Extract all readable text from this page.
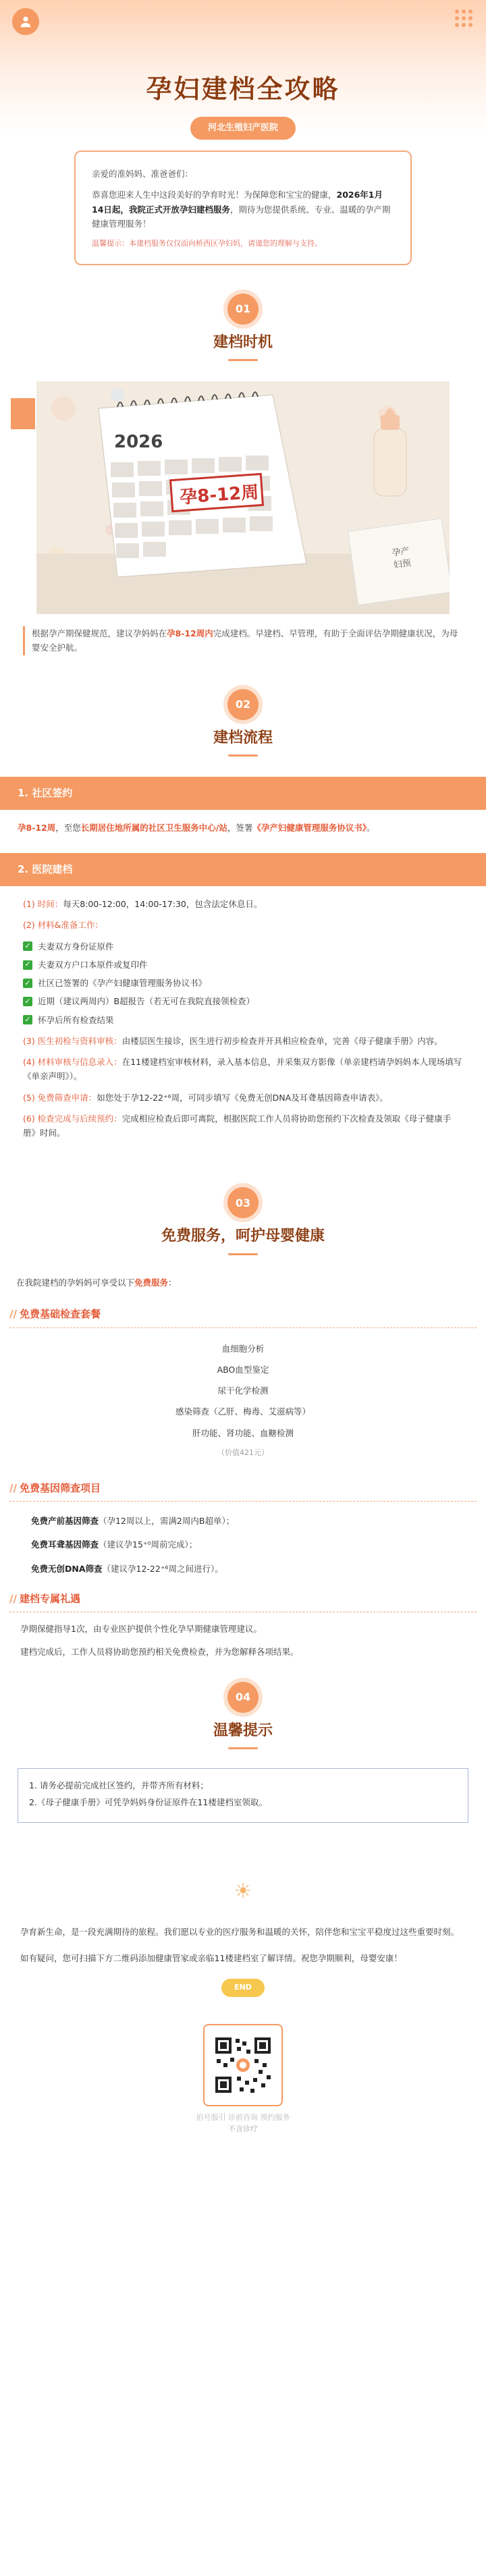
孕妇建档全攻略
河北生殖妇产医院

亲爱的准妈妈、准爸爸们：

恭喜您迎来人生中这段美好的孕育时光！为保障您和宝宝的健康，2026年1月14日起，我院正式开放孕妇建档服务，期待为您提供系统、专业、温暖的孕产期健康管理服务！

温馨提示：本建档服务仅仅面向桥西区孕妇妈，请谨您的理解与支持。
01
建档时机
孕产
妇预
2026
孕8-12周
根据孕产期保健规范，建议孕妈妈在孕8-12周内完成建档。早建档、早管理，有助于全面评估孕期健康状况，为母婴安全护航。
02
建档流程
1. 社区签约
孕8-12周，至您长期居住地所属的社区卫生服务中心/站，签署《孕产妇健康管理服务协议书》。
2. 医院建档
(1) 时间：每天8:00-12:00，14:00-17:30，包含法定休息日。
(2) 材料&准备工作：
✓ 夫妻双方身份证原件
✓ 夫妻双方户口本原件或复印件
✓ 社区已签署的《孕产妇健康管理服务协议书》
✓ 近期（建议两周内）B超报告（若无可在我院直接领检查）
✓ 怀孕后所有检查结果
(3) 医生初检与资料审核：由楼层医生接诊，医生进行初步检查并开具相应检查单，完善《母子健康手册》内容。
(4) 材料审核与信息录入：在11楼建档室审核材料，录入基本信息，并采集双方影像（单亲建档请孕妈妈本人现场填写《单亲声明》）。
(5) 免费筛查申请：如您处于孕12-22⁺⁶周，可同步填写《免费无创DNA及耳聋基因筛查申请表》。
(6) 检查完成与后续预约：完成相应检查后即可离院，根据医院工作人员将协助您预约下次检查及领取《母子健康手册》时间。
03
免费服务，呵护母婴健康
在我院建档的孕妈妈可享受以下免费服务：
// 免费基础检查套餐
血细胞分析
ABO血型鉴定
尿干化学检测
感染筛查（乙肝、梅毒、艾滋病等）
肝功能、肾功能、血糖检测
（价值421元）
// 免费基因筛查项目
免费产前基因筛查（孕12周以上，需满2周内B超单）；
免费耳聋基因筛查（建议孕15⁺⁰周前完成）；
免费无创DNA筛查（建议孕12-22⁺⁶周之间进行）。
// 建档专属礼遇

孕期保健指导1次，由专业医护提供个性化孕早期健康管理建议。

建档完成后，工作人员将协助您预约相关免费检查，并为您解释各项结果。

04
温馨提示
1. 请务必提前完成社区签约，并带齐所有材料；
2.《母子健康手册》可凭孕妈妈身份证原件在11楼建档室领取。
☀

孕育新生命，是一段充满期待的旅程。我们愿以专业的医疗服务和温暖的关怀，陪伴您和宝宝平稳度过这些重要时刻。

如有疑问，您可扫描下方二维码添加健康管家或亲临11楼建档室了解详情。祝您孕期顺利，母婴安康！

END
拍号服引 诊前咨询 预约服务
不含诊疗
